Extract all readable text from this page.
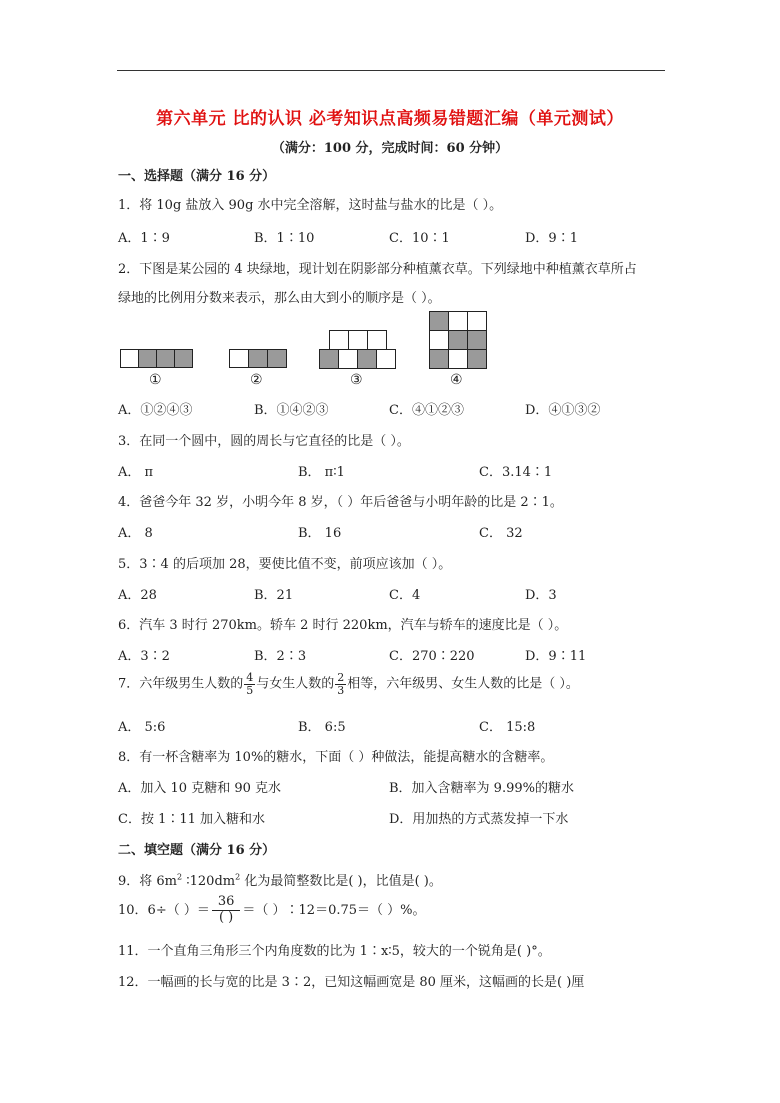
第六单元 比的认识 必考知识点高频易错题汇编（单元测试）
（满分：100 分，完成时间：60 分钟）
一、选择题（满分 16 分）
1．将 10g 盐放入 90g 水中完全溶解，这时盐与盐水的比是（ ）。
A．1∶9	B．1∶10	C．10∶1	D．9∶1
2．下图是某公园的 4 块绿地，现计划在阴影部分种植薰衣草。下列绿地中种植薰衣草所占
绿地的比例用分数来表示，那么由大到小的顺序是（ ）。
①	②	③	④
A．①②④③	B．①④②③	C．④①②③	D．④①③②
3．在同一个圆中，圆的周长与它直径的比是（ ）。
A． π	B． π∶1	C．3.14∶1
4．爸爸今年 32 岁，小明今年 8 岁，（ ）年后爸爸与小明年龄的比是 2∶1。
A． 8	B． 16	C． 32
5．3∶4 的后项加 28，要使比值不变，前项应该加（ ）。
A．28	B．21	C．4	D．3
6．汽车 3 时行 270km。轿车 2 时行 220km，汽车与轿车的速度比是（ ）。
A．3∶2	B．2∶3	C．270∶220	D．9∶11
7．六年级男生人数的 $\frac{4}{5}$ 与女生人数的 $\frac{2}{3}$ 相等，六年级男、女生人数的比是（ ）。
A． 5:6	B． 6:5	C． 15:8
8．有一杯含糖率为 10%的糖水，下面（ ）种做法，能提高糖水的含糖率。
A．加入 10 克糖和 90 克水	B．加入含糖率为 9.99%的糖水
C．按 1∶11 加入糖和水	D．用加热的方式蒸发掉一下水
二、填空题（满分 16 分）
9．将 $6m^2$ $∶120dm^2$ 化为最简整数比是( )，比值是( )。
10．6÷（ ）＝ $\frac{36}{( )}$ ＝（ ）∶12＝0.75＝（ ）%。
11．一个直角三角形三个内角度数的比为 1∶x∶5，较大的一个锐角是( )°。
12．一幅画的长与宽的比是 3∶2，已知这幅画宽是 80 厘米，这幅画的长是( )厘
